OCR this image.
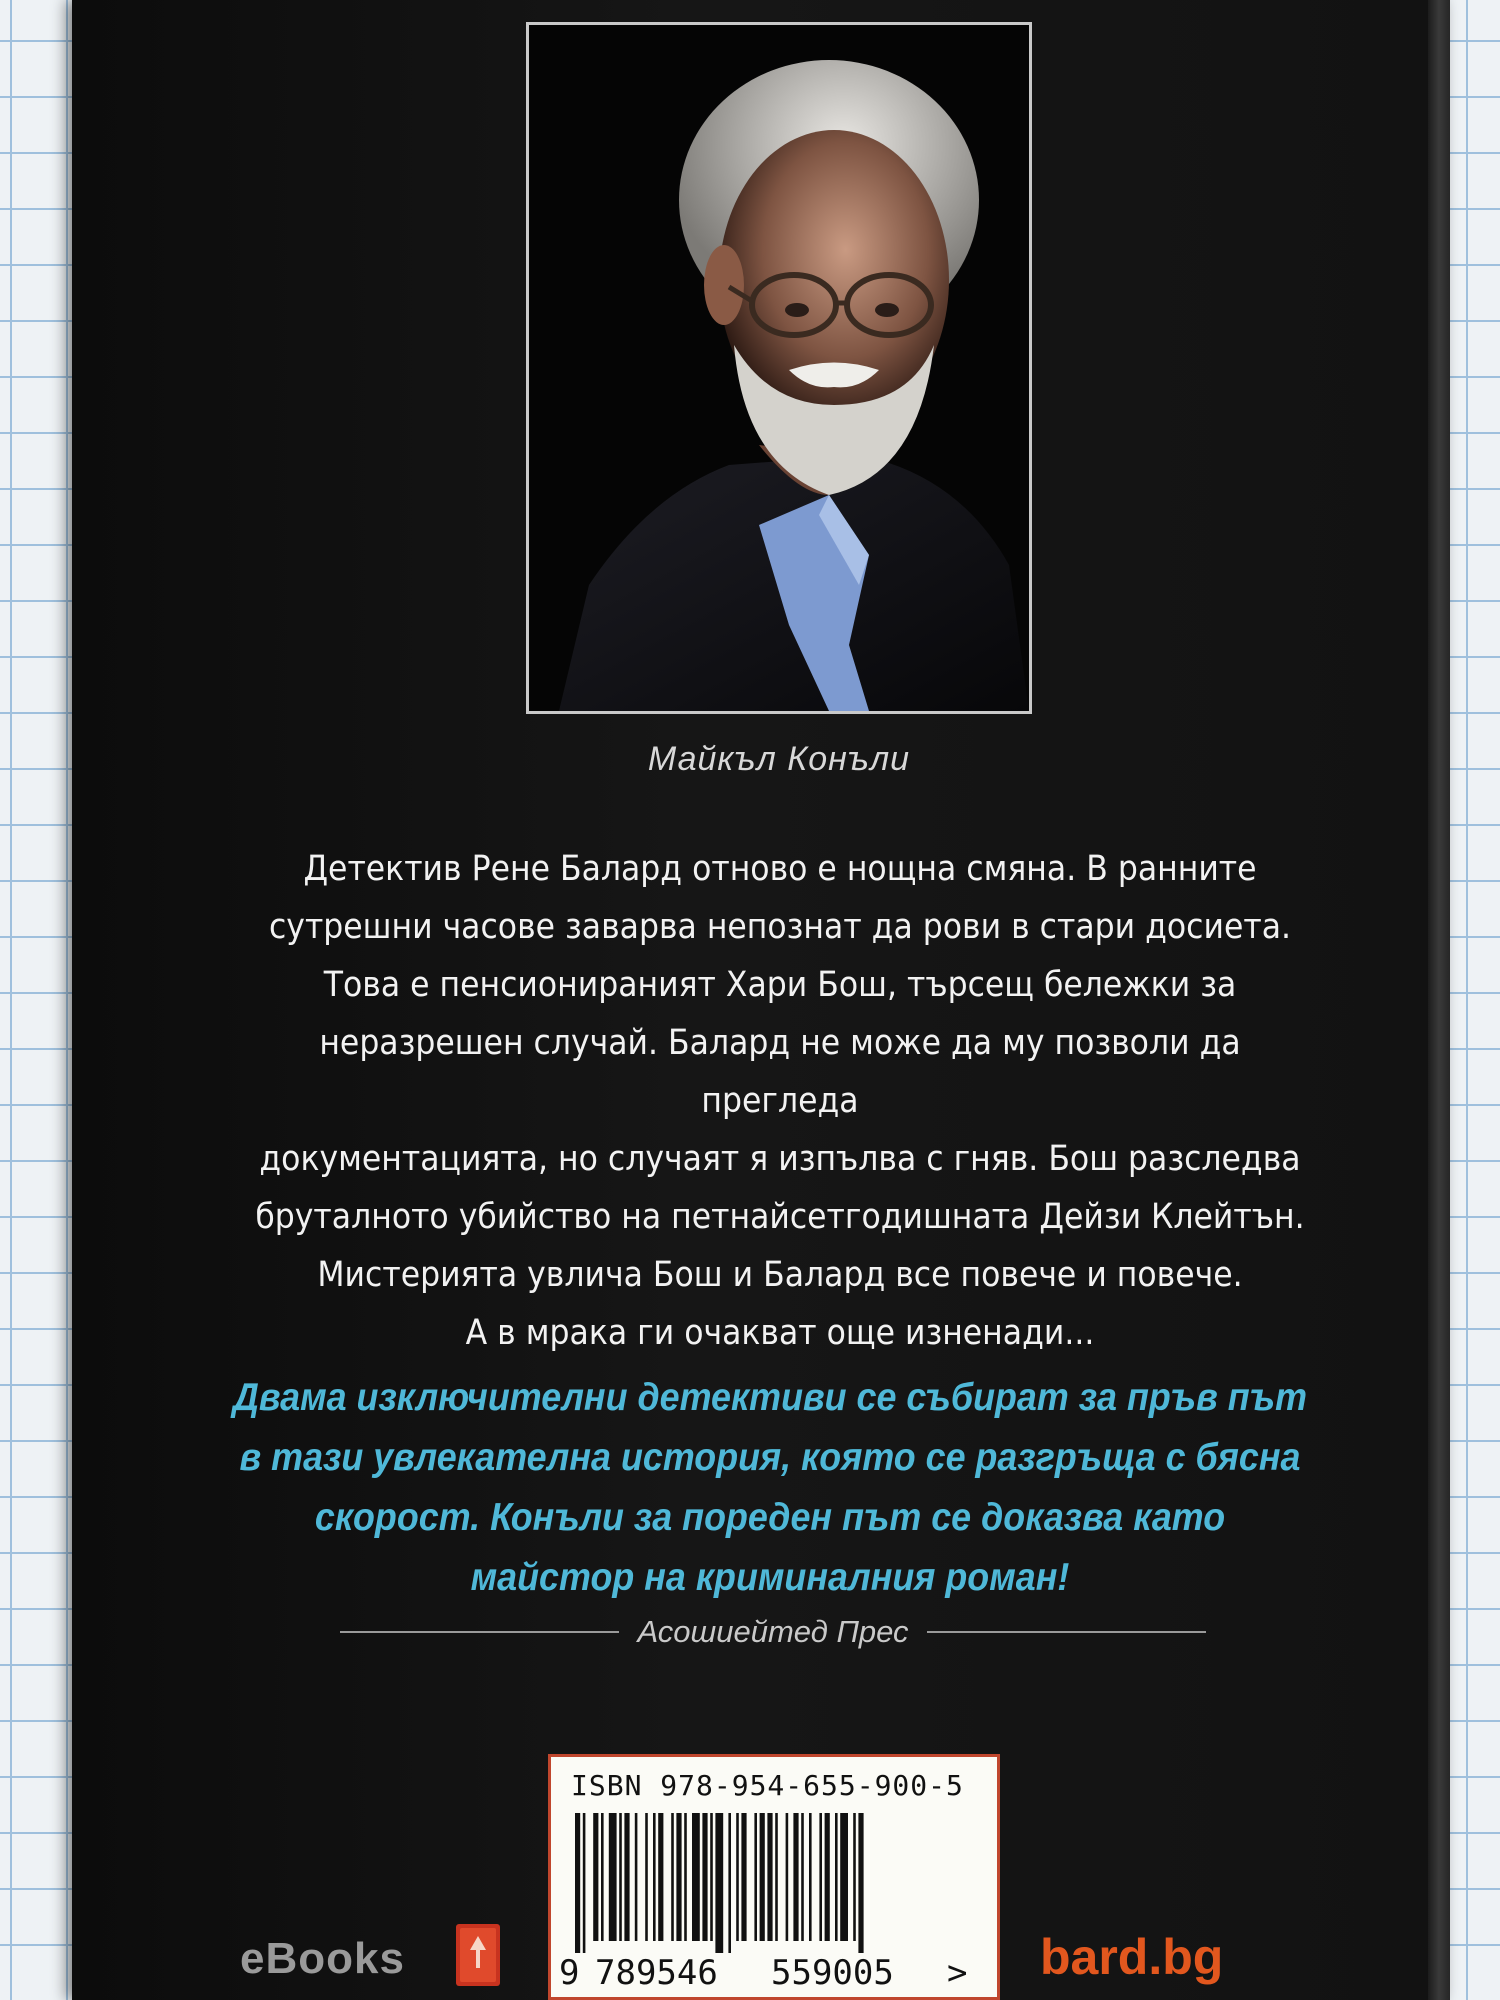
Майкъл Конъли

Детектив Рене Балард отново е нощна смяна. В ранните

сутрешни часове заварва непознат да рови в стари досиета.

Това е пенсионираният Хари Бош, търсещ бележки за

неразрешен случай. Балард не може да му позволи да прегледа

документацията, но случаят я изпълва с гняв. Бош разследва

бруталното убийство на петнайсетгодишната Дейзи Клейтън.

Мистерията увлича Бош и Балард все повече и повече.

А в мрака ги очакват още изненади...

Двама изключителни детективи се събират за пръв път

в тази увлекателна история, която се разгръща с бясна

скорост. Конъли за пореден път се доказва като

майстор на криминалния роман!

Асошиейтед Прес
ISBN 978-954-655-900-5
9 789546	559005	>
eBooks	bard.bg
